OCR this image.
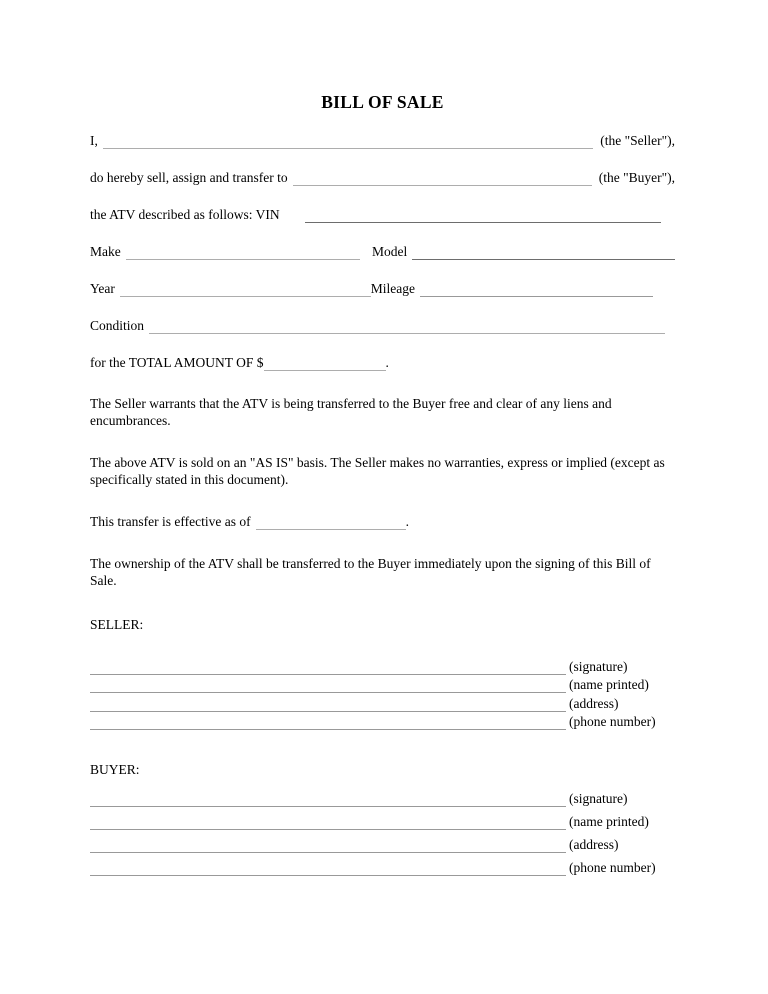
BILL OF SALE
I,	(the "Seller"),
do hereby sell, assign and transfer to	(the "Buyer"),
the ATV described as follows: VIN
Make	Model
Year	Mileage
Condition
for the TOTAL AMOUNT OF $	.

The Seller warrants that the ATV is being transferred to the Buyer free and clear of any liens and encumbrances.

The above ATV is sold on an "AS IS" basis. The Seller makes no warranties, express or implied (except as specifically stated in this document).

This transfer is effective as of	.

The ownership of the ATV shall be transferred to the Buyer immediately upon the signing of this Bill of Sale.

SELLER:
(signature)
(name printed)
(address)
(phone number)
BUYER:
(signature)
(name printed)
(address)
(phone number)
